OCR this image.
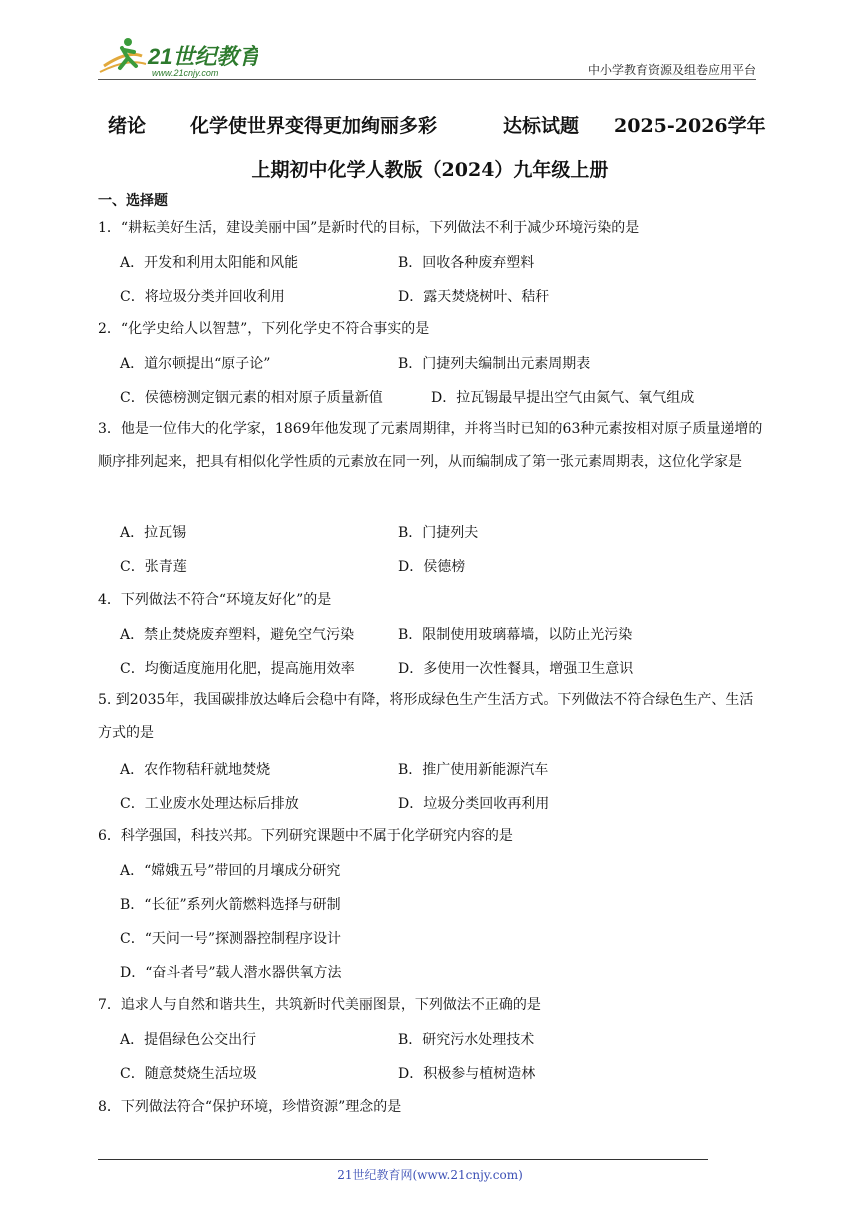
21世纪教育
www.21cnjy.com	中小学教育资源及组卷应用平台
绪论 化学使世界变得更加绚丽多彩	达标试题 2025-2026学年
上期初中化学人教版（2024）九年级上册
一、选择题
1．“耕耘美好生活，建设美丽中国”是新时代的目标，下列做法不利于减少环境污染的是
A．开发和利用太阳能和风能	B．回收各种废弃塑料
C．将垃圾分类并回收利用	D．露天焚烧树叶、秸秆
2．“化学史给人以智慧”，下列化学史不符合事实的是
A．道尔顿提出“原子论”	B．门捷列夫编制出元素周期表
C．侯德榜测定铟元素的相对原子质量新值	D．拉瓦锡最早提出空气由氮气、氧气组成
3．他是一位伟大的化学家，1869年他发现了元素周期律，并将当时已知的63种元素按相对原子质量递增的顺序排列起来，把具有相似化学性质的元素放在同一列，从而编制成了第一张元素周期表，这位化学家是
A．拉瓦锡	B．门捷列夫
C．张青莲	D．侯德榜
4．下列做法不符合“环境友好化”的是
A．禁止焚烧废弃塑料，避免空气污染	B．限制使用玻璃幕墙，以防止光污染
C．均衡适度施用化肥，提高施用效率	D．多使用一次性餐具，增强卫生意识
5. 到2035年，我国碳排放达峰后会稳中有降，将形成绿色生产生活方式。下列做法不符合绿色生产、生活方式的是
A．农作物秸秆就地焚烧	B．推广使用新能源汽车
C．工业废水处理达标后排放	D．垃圾分类回收再利用
6．科学强国，科技兴邦。下列研究课题中不属于化学研究内容的是
A．“嫦娥五号”带回的月壤成分研究
B．“长征”系列火箭燃料选择与研制
C．“天问一号”探测器控制程序设计
D．“奋斗者号”载人潜水器供氧方法
7．追求人与自然和谐共生，共筑新时代美丽图景，下列做法不正确的是
A．提倡绿色公交出行	B．研究污水处理技术
C．随意焚烧生活垃圾	D．积极参与植树造林
8．下列做法符合“保护环境，珍惜资源”理念的是
21世纪教育网(www.21cnjy.com)
